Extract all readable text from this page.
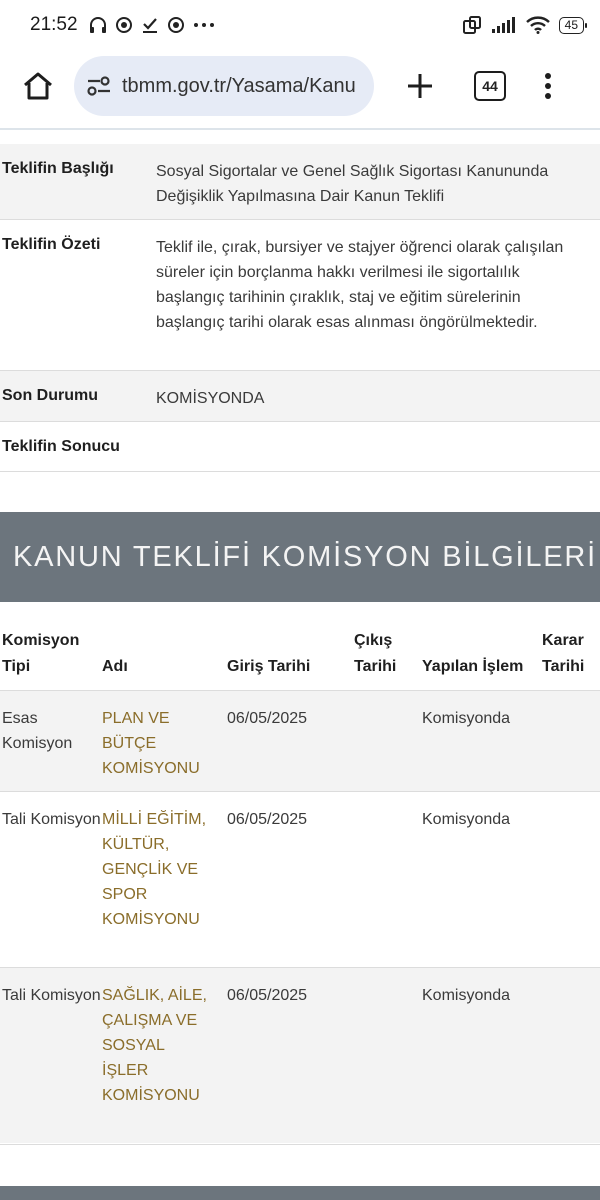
21:52	45
tbmm.gov.tr/Yasama/Kanu	44
Teklifin Başlığı	Sosyal Sigortalar ve Genel Sağlık Sigortası Kanununda Değişiklik Yapılmasına Dair Kanun Teklifi
Teklifin Özeti	Teklif ile, çırak, bursiyer ve stajyer öğrenci olarak çalışılan süreler için borçlanma hakkı verilmesi ile sigortalılık başlangıç tarihinin çıraklık, staj ve eğitim sürelerinin başlangıç tarihi olarak esas alınması öngörülmektedir.
Son Durumu	KOMİSYONDA
Teklifin Sonucu
KANUN TEKLİFİ KOMİSYON BİLGİLERİ
Komisyon Tipi	Adı	Giriş Tarihi	Çıkış Tarihi	Yapılan İşlem	Karar Tarihi
Esas Komisyon	PLAN VE BÜTÇE KOMİSYONU	06/05/2025		Komisyonda	
Tali Komisyon	MİLLİ EĞİTİM, KÜLTÜR, GENÇLİK VE SPOR KOMİSYONU	06/05/2025		Komisyonda	
Tali Komisyon	SAĞLIK, AİLE, ÇALIŞMA VE SOSYAL İŞLER KOMİSYONU	06/05/2025		Komisyonda	
